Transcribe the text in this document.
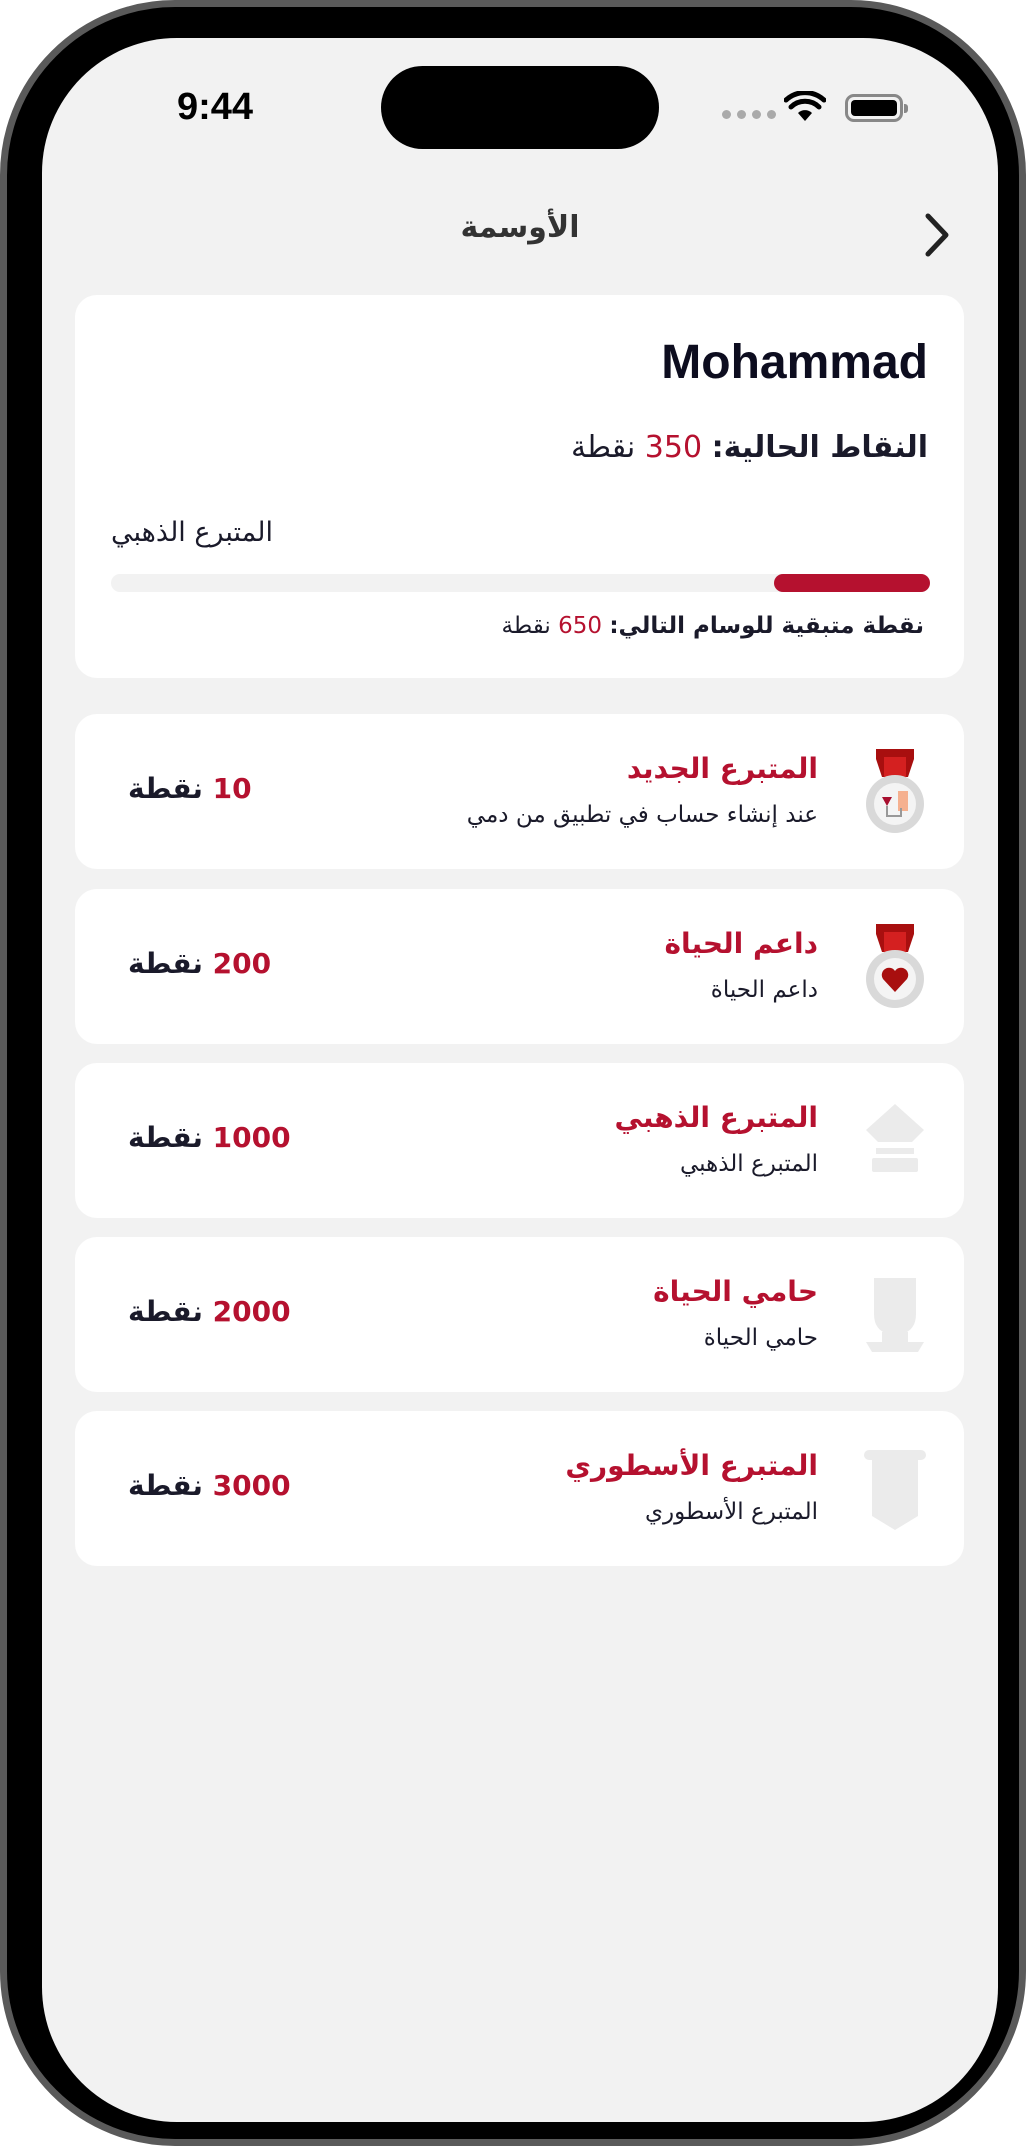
9:44
الأوسمة
Mohammad
النقاط الحالية: 350 نقطة
المتبرع الذهبي
نقطة متبقية للوسام التالي: 650 نقطة
المتبرع الجديد
عند إنشاء حساب في تطبيق من دمي
10 نقطة
داعم الحياة
داعم الحياة
200 نقطة
المتبرع الذهبي
المتبرع الذهبي
1000 نقطة
حامي الحياة
حامي الحياة
2000 نقطة
المتبرع الأسطوري
المتبرع الأسطوري
3000 نقطة
